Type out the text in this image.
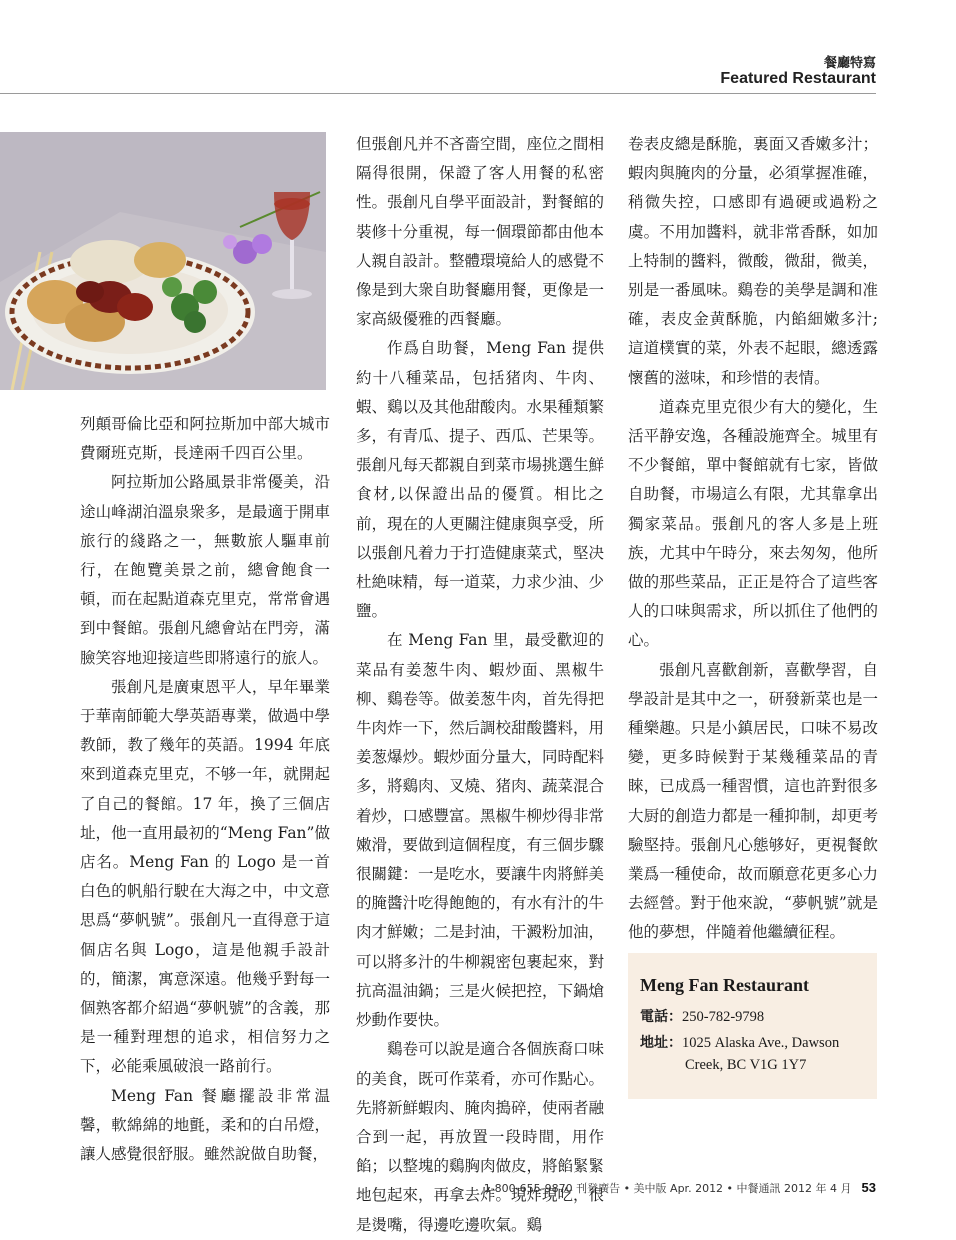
餐廳特寫
Featured Restaurant

列顛哥倫比亞和阿拉斯加中部大城市費爾班克斯，長達兩千四百公里。

阿拉斯加公路風景非常優美，沿途山峰湖泊溫泉衆多，是最適于開車旅行的綫路之一，無數旅人驅車前行，在飽覽美景之前，總會飽食一頓，而在起點道森克里克，常常會遇到中餐館。張創凡總會站在門旁，滿臉笑容地迎接這些即將遠行的旅人。

張創凡是廣東恩平人，早年畢業于華南師範大學英語專業，做過中學教師，教了幾年的英語。1994 年底來到道森克里克，不够一年，就開起了自己的餐館。17 年，換了三個店址，他一直用最初的“Meng Fan”做店名。Meng Fan 的 Logo 是一首白色的帆船行駛在大海之中，中文意思爲“夢帆號”。張創凡一直得意于這個店名與 Logo，這是他親手設計的，簡潔，寓意深遠。他幾乎對每一個熟客都介紹過“夢帆號”的含義，那是一種對理想的追求，相信努力之下，必能乘風破浪一路前行。

Meng Fan 餐廳擺設非常温馨，軟綿綿的地氈，柔和的白吊燈，讓人感覺很舒服。雖然說做自助餐，

但張創凡并不吝嗇空間，座位之間相隔得很開，保證了客人用餐的私密性。張創凡自學平面設計，對餐館的裝修十分重視，每一個環節都由他本人親自設計。整體環境給人的感覺不像是到大衆自助餐廳用餐，更像是一家高級優雅的西餐廳。

作爲自助餐，Meng Fan 提供約十八種菜品，包括猪肉、牛肉、蝦、鷄以及其他甜酸肉。水果種類繁多，有青瓜、提子、西瓜、芒果等。張創凡每天都親自到菜市場挑選生鮮食材,以保證出品的優質。相比之前，現在的人更關注健康與享受，所以張創凡着力于打造健康菜式，堅决杜絶味精，每一道菜，力求少油、少鹽。

在 Meng Fan 里，最受歡迎的菜品有姜葱牛肉、蝦炒面、黑椒牛柳、鷄卷等。做姜葱牛肉，首先得把牛肉炸一下，然后調校甜酸醬料，用姜葱爆炒。蝦炒面分量大，同時配料多，將鷄肉、叉燒、猪肉、蔬菜混合着炒，口感豐富。黑椒牛柳炒得非常嫩滑，要做到這個程度，有三個步驟很關鍵：一是吃水，要讓牛肉將鮮美的腌醬汁吃得飽飽的，有水有汁的牛肉才鮮嫩；二是封油，干澱粉加油，可以將多汁的牛柳親密包裹起來，對抗高温油鍋；三是火候把控，下鍋熗炒動作要快。

鷄卷可以說是適合各個族裔口味的美食，既可作菜肴，亦可作點心。先將新鮮蝦肉、腌肉搗碎，使兩者融合到一起，再放置一段時間，用作餡；以整塊的鷄胸肉做皮，將餡緊緊地包起來，再拿去炸。現炸現吃，很是燙嘴，得邊吃邊吹氣。鷄

卷表皮總是酥脆，裏面又香嫩多汁；蝦肉與腌肉的分量，必須掌握准確，稍微失控，口感即有過硬或過粉之虞。不用加醬料，就非常香酥，如加上特制的醬料，微酸，微甜，微美，别是一番風味。鷄卷的美學是調和准確，表皮金黄酥脆，内餡細嫩多汁;這道樸實的菜，外表不起眼，總透露懷舊的滋味，和珍惜的表情。

道森克里克很少有大的變化，生活平静安逸，各種設施齊全。城里有不少餐館，單中餐館就有七家，皆做自助餐，市場這么有限，尤其靠拿出獨家菜品。張創凡的客人多是上班族，尤其中午時分，來去匆匆，他所做的那些菜品，正正是符合了這些客人的口味與需求，所以抓住了他們的心。

張創凡喜歡創新，喜歡學習，自學設計是其中之一，研發新菜也是一種樂趣。只是小鎮居民，口味不易改變，更多時候對于某幾種菜品的青睞，已成爲一種習慣，這也許對很多大厨的創造力都是一種抑制，却更考驗堅持。張創凡心態够好，更視餐飲業爲一種使命，故而願意花更多心力去經營。對于他來說，“夢帆號”就是他的夢想，伴隨着他繼續征程。

Meng Fan Restaurant
電話：250-782-9798
地址：1025 Alaska Ave., Dawson
Creek, BC V1G 1Y7
1-800-655-9870 刊登廣告 • 美中版 Apr. 2012 • 中餐通訊 2012 年 4 月 53
